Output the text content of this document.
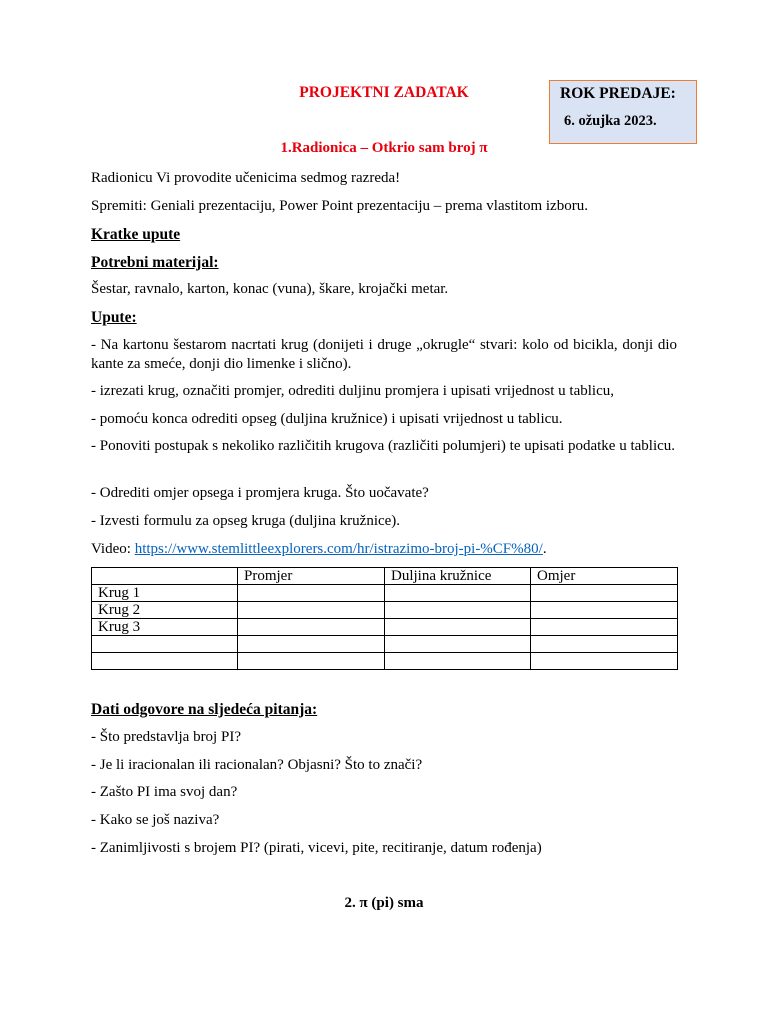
PROJEKTNI ZADATAK	ROK PREDAJE:
6. ožujka 2023.
1.Radionica – Otkrio sam broj π
Radionicu Vi provodite učenicima sedmog razreda!
Spremiti: Geniali prezentaciju, Power Point prezentaciju – prema vlastitom izboru.
Kratke upute
Potrebni materijal:
Šestar, ravnalo, karton, konac (vuna), škare, krojački metar.
Upute:
- Na kartonu šestarom nacrtati krug (donijeti i druge „okrugle“ stvari: kolo od bicikla, donji dio kante za smeće, donji dio limenke i slično).
- izrezati krug, označiti promjer, odrediti duljinu promjera i upisati vrijednost u tablicu,
- pomoću konca odrediti opseg (duljina kružnice) i upisati vrijednost u tablicu.
- Ponoviti postupak s nekoliko različitih krugova (različiti polumjeri) te upisati podatke u tablicu.
- Odrediti omjer opsega i promjera kruga. Što uočavate?
- Izvesti formulu za opseg kruga (duljina kružnice).
Video: https://www.stemlittleexplorers.com/hr/istrazimo-broj-pi-%CF%80/.
	Promjer	Duljina kružnice	Omjer
Krug 1			
Krug 2			
Krug 3			

Dati odgovore na sljedeća pitanja:
- Što predstavlja broj PI?
- Je li iracionalan ili racionalan? Objasni? Što to znači?
- Zašto PI ima svoj dan?
- Kako se još naziva?
- Zanimljivosti s brojem PI? (pirati, vicevi, pite, recitiranje, datum rođenja)
2. π (pi) sma
